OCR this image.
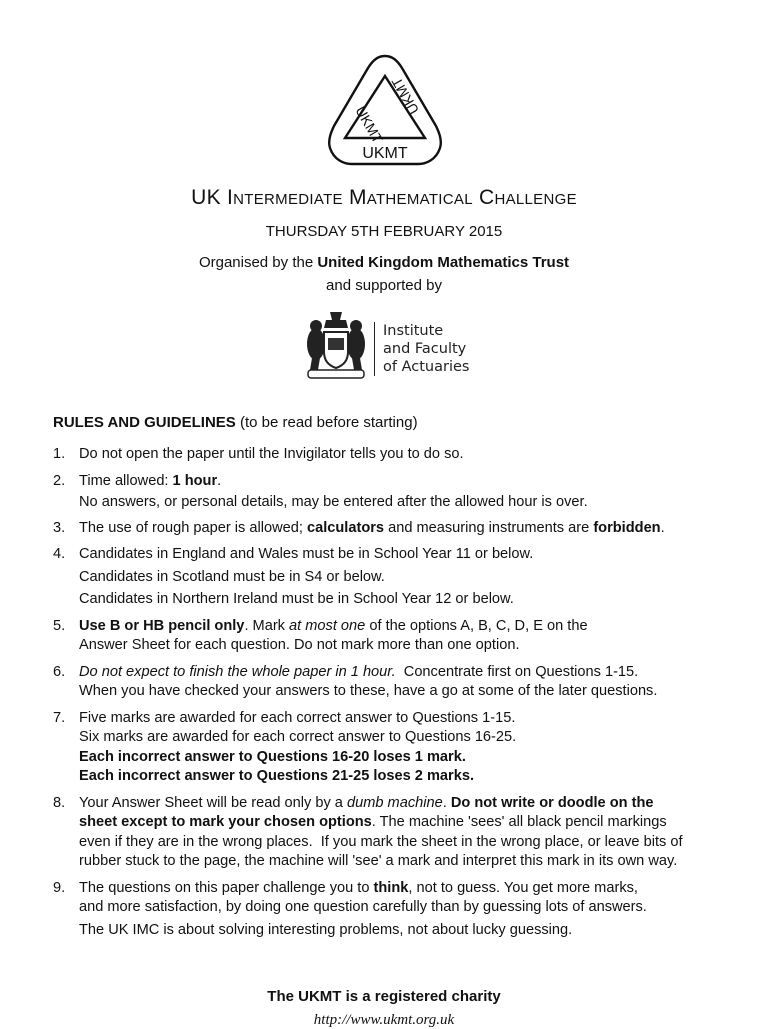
UKMT
UKMT
UKMT
UK Intermediate Mathematical Challenge
THURSDAY 5TH FEBRUARY 2015
Organised by the United Kingdom Mathematics Trust
and supported by
Institute
and Faculty
of Actuaries
RULES AND GUIDELINES (to be read before starting)
1. Do not open the paper until the Invigilator tells you to do so.

2. Time allowed: 1 hour.

No answers, or personal details, may be entered after the allowed hour is over.

3. The use of rough paper is allowed; calculators and measuring instruments are forbidden.

4. Candidates in England and Wales must be in School Year 11 or below.

Candidates in Scotland must be in S4 or below.

Candidates in Northern Ireland must be in School Year 12 or below.

5. Use B or HB pencil only. Mark at most one of the options A, B, C, D, E on the

Answer Sheet for each question. Do not mark more than one option.

6. Do not expect to finish the whole paper in 1 hour.  Concentrate first on Questions 1-15.

When you have checked your answers to these, have a go at some of the later questions.

7. Five marks are awarded for each correct answer to Questions 1-15.

Six marks are awarded for each correct answer to Questions 16-25.

Each incorrect answer to Questions 16-20 loses 1 mark.

Each incorrect answer to Questions 21-25 loses 2 marks.

8. Your Answer Sheet will be read only by a dumb machine. Do not write or doodle on the

sheet except to mark your chosen options. The machine 'sees' all black pencil markings

even if they are in the wrong places.  If you mark the sheet in the wrong place, or leave bits of

rubber stuck to the page, the machine will 'see' a mark and interpret this mark in its own way.

9. The questions on this paper challenge you to think, not to guess. You get more marks,

and more satisfaction, by doing one question carefully than by guessing lots of answers.

The UK IMC is about solving interesting problems, not about lucky guessing.

The UKMT is a registered charity
http://www.ukmt.org.uk
